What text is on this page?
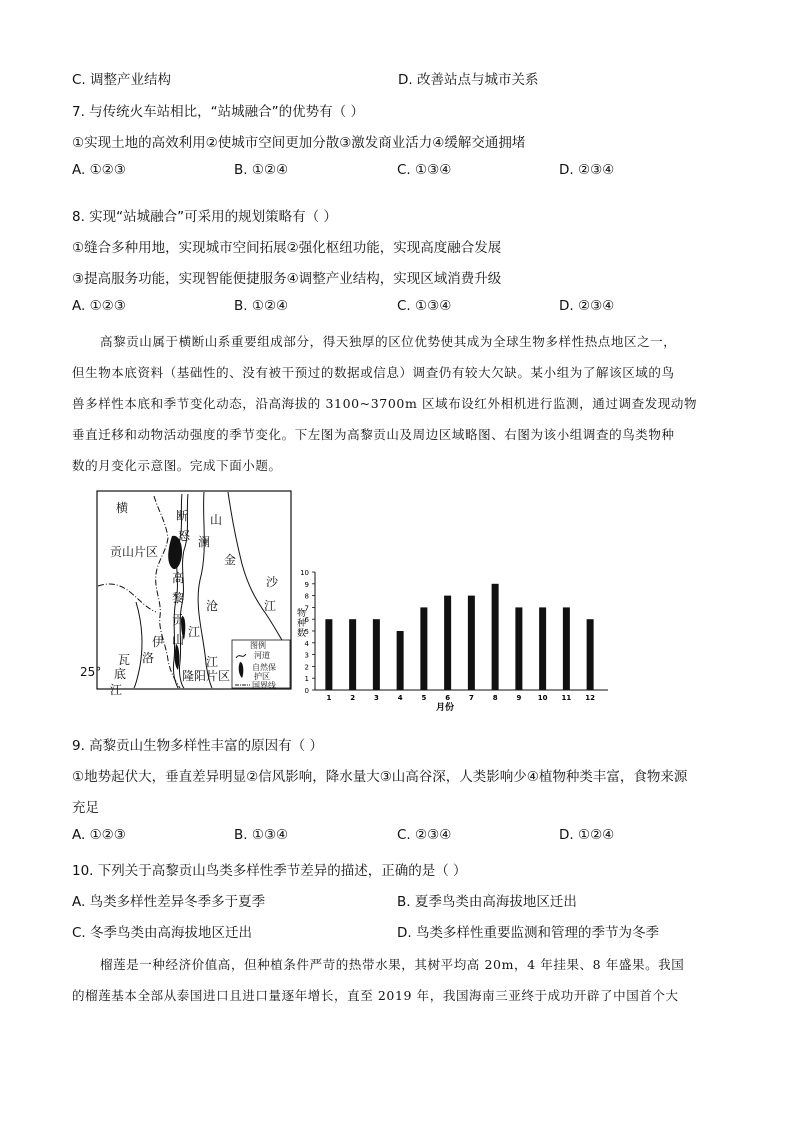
C. 调整产业结构	D. 改善站点与城市关系
7. 与传统火车站相比，“站城融合”的优势有（ ）
①实现土地的高效利用②使城市空间更加分散③激发商业活力④缓解交通拥堵
A. ①②③	B. ①②④	C. ①③④	D. ②③④
8. 实现“站城融合”可采用的规划策略有（ ）
①缝合多种用地，实现城市空间拓展②强化枢纽功能，实现高度融合发展
③提高服务功能，实现智能便捷服务④调整产业结构，实现区域消费升级
A. ①②③	B. ①②④	C. ①③④	D. ②③④
高黎贡山属于横断山系重要组成部分，得天独厚的区位优势使其成为全球生物多样性热点地区之一，
但生物本底资料（基础性的、没有被干预过的数据或信息）调查仍有较大欠缺。某小组为了解该区域的鸟
兽多样性本底和季节变化动态，沿高海拔的 3100~3700m 区域布设红外相机进行监测，通过调查发现动物
垂直迁移和动物活动强度的季节变化。下左图为高黎贡山及周边区域略图、右图为该小组调查的鸟类物种
数的月变化示意图。完成下面小题。
横
断 山
怒 澜
金
贡山片区
高
黎
贡
山
沧
江
江
沙
江
伊
洛
瓦
底
江
隆阳片区
25°
图例
河道
自然保
护区
国界线
0
1
2
3
4
5
6
7
8
9
10
1	2	3	4	5	6	7	8	9 10 11 12
物种数
月份
9. 高黎贡山生物多样性丰富的原因有（ ）
①地势起伏大，垂直差异明显②信风影响，降水量大③山高谷深，人类影响少④植物种类丰富，食物来源
充足
A. ①②③	B. ①③④	C. ②③④	D. ①②④
10. 下列关于高黎贡山鸟类多样性季节差异的描述，正确的是（ ）
A. 鸟类多样性差异冬季多于夏季	B. 夏季鸟类由高海拔地区迁出
C. 冬季鸟类由高海拔地区迁出	D. 鸟类多样性重要监测和管理的季节为冬季
榴莲是一种经济价值高，但种植条件严苛的热带水果，其树平均高 20m，4 年挂果、8 年盛果。我国
的榴莲基本全部从泰国进口且进口量逐年增长，直至 2019 年，我国海南三亚终于成功开辟了中国首个大
